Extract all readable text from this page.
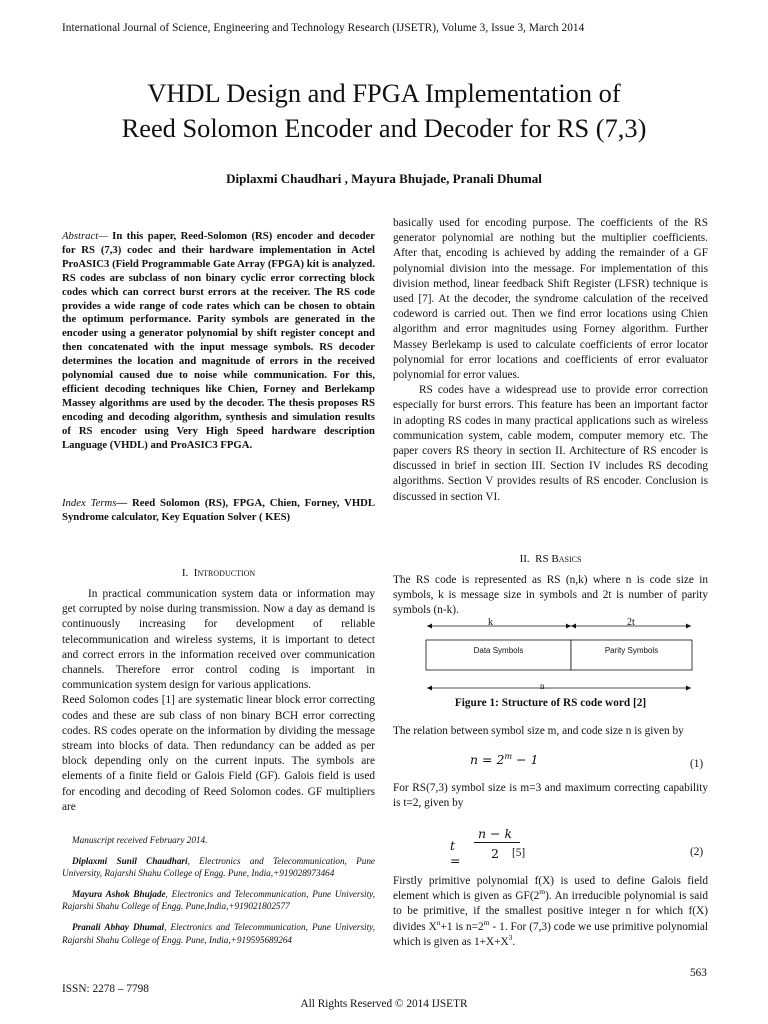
International Journal of Science, Engineering and Technology Research (IJSETR), Volume 3, Issue 3, March 2014
VHDL Design and FPGA Implementation of
Reed Solomon Encoder and Decoder for RS (7,3)
Diplaxmi Chaudhari , Mayura Bhujade, Pranali Dhumal
Abstract— In this paper, Reed-Solomon (RS) encoder and decoder for RS (7,3) codec and their hardware implementation in Actel ProASIC3 (Field Programmable Gate Array (FPGA) kit is analyzed. RS codes are subclass of non binary cyclic error correcting block codes which can correct burst errors at the receiver. The RS code provides a wide range of code rates which can be chosen to obtain the optimum performance. Parity symbols are generated in the encoder using a generator polynomial by shift register concept and then concatenated with the input message symbols. RS decoder determines the location and magnitude of errors in the received polynomial caused due to noise while communication. For this, efficient decoding techniques like Chien, Forney and Berlekamp Massey algorithms are used by the decoder. The thesis proposes RS encoding and decoding algorithm, synthesis and simulation results of RS encoder using Very High Speed hardware description Language (VHDL) and ProASIC3 FPGA.
Index Terms— Reed Solomon (RS), FPGA, Chien, Forney, VHDL Syndrome calculator, Key Equation Solver ( KES)
I. Introduction

In practical communication system data or information may get corrupted by noise during transmission. Now a day as demand is continuously increasing for development of reliable telecommunication and wireless systems, it is important to detect and correct errors in the information received over communication channels. Therefore error control coding is important in communication system design for various applications.

Reed Solomon codes [1] are systematic linear block error correcting codes and these are sub class of non binary BCH error correcting codes. RS codes operate on the information by dividing the message stream into blocks of data. Then redundancy can be added as per block depending only on the current inputs. The symbols are elements of a finite field or Galois Field (GF). Galois field is used for encoding and decoding of Reed Solomon codes. GF multipliers are

Manuscript received February 2014.

Diplaxmi Sunil Chaudhari, Electronics and Telecommunication, Pune University, Rajarshi Shahu College of Engg. Pune, India,+919028973464

Mayura Ashok Bhujade, Electronics and Telecommunication, Pune University, Rajarshi Shahu College of Engg. Pune,India,+919021802577

Pranali Abhay Dhumal, Electronics and Telecommunication, Pune University, Rajarshi Shahu College of Engg. Pune, India,+919595689264

basically used for encoding purpose. The coefficients of the RS generator polynomial are nothing but the multiplier coefficients. After that, encoding is achieved by adding the remainder of a GF polynomial division into the message. For implementation of this division method, linear feedback Shift Register (LFSR) technique is used [7]. At the decoder, the syndrome calculation of the received codeword is carried out. Then we find error locations using Chien algorithm and error magnitudes using Forney algorithm. Further Massey Berlekamp is used to calculate coefficients of error locator polynomial for error locations and coefficients of error evaluator polynomial for error values.

RS codes have a widespread use to provide error correction especially for burst errors. This feature has been an important factor in adopting RS codes in many practical applications such as wireless communication system, cable modem, computer memory etc. The paper covers RS theory in section II. Architecture of RS encoder is discussed in brief in section III. Section IV includes RS decoding algorithms. Section V provides results of RS encoder. Conclusion is discussed in section VI.

II. RS Basics
The RS code is represented as RS (n,k) where n is code size in symbols, k is message size in symbols and 2t is number of parity symbols (n-k).
k	2t
Data Symbols	Parity Symbols
n
Figure 1: Structure of RS code word [2]
The relation between symbol size m, and code size n is given by
$n = 2^m - 1$	(1)
For RS(7,3) symbol size is m=3 and maximum correcting capability is t=2, given by
t =
n − k
2 [5]	(2)
Firstly primitive polynomial f(X) is used to define Galois field element which is given as GF(2$^m$). An irreducible polynomial is said to be primitive, if the smallest positive integer n for which f(X) divides $X^n+1$ is $n=2^m - 1$. For (7,3) code we use primitive polynomial which is given as $1+X+X^3$.
563
ISSN: 2278 – 7798
All Rights Reserved © 2014 IJSETR
